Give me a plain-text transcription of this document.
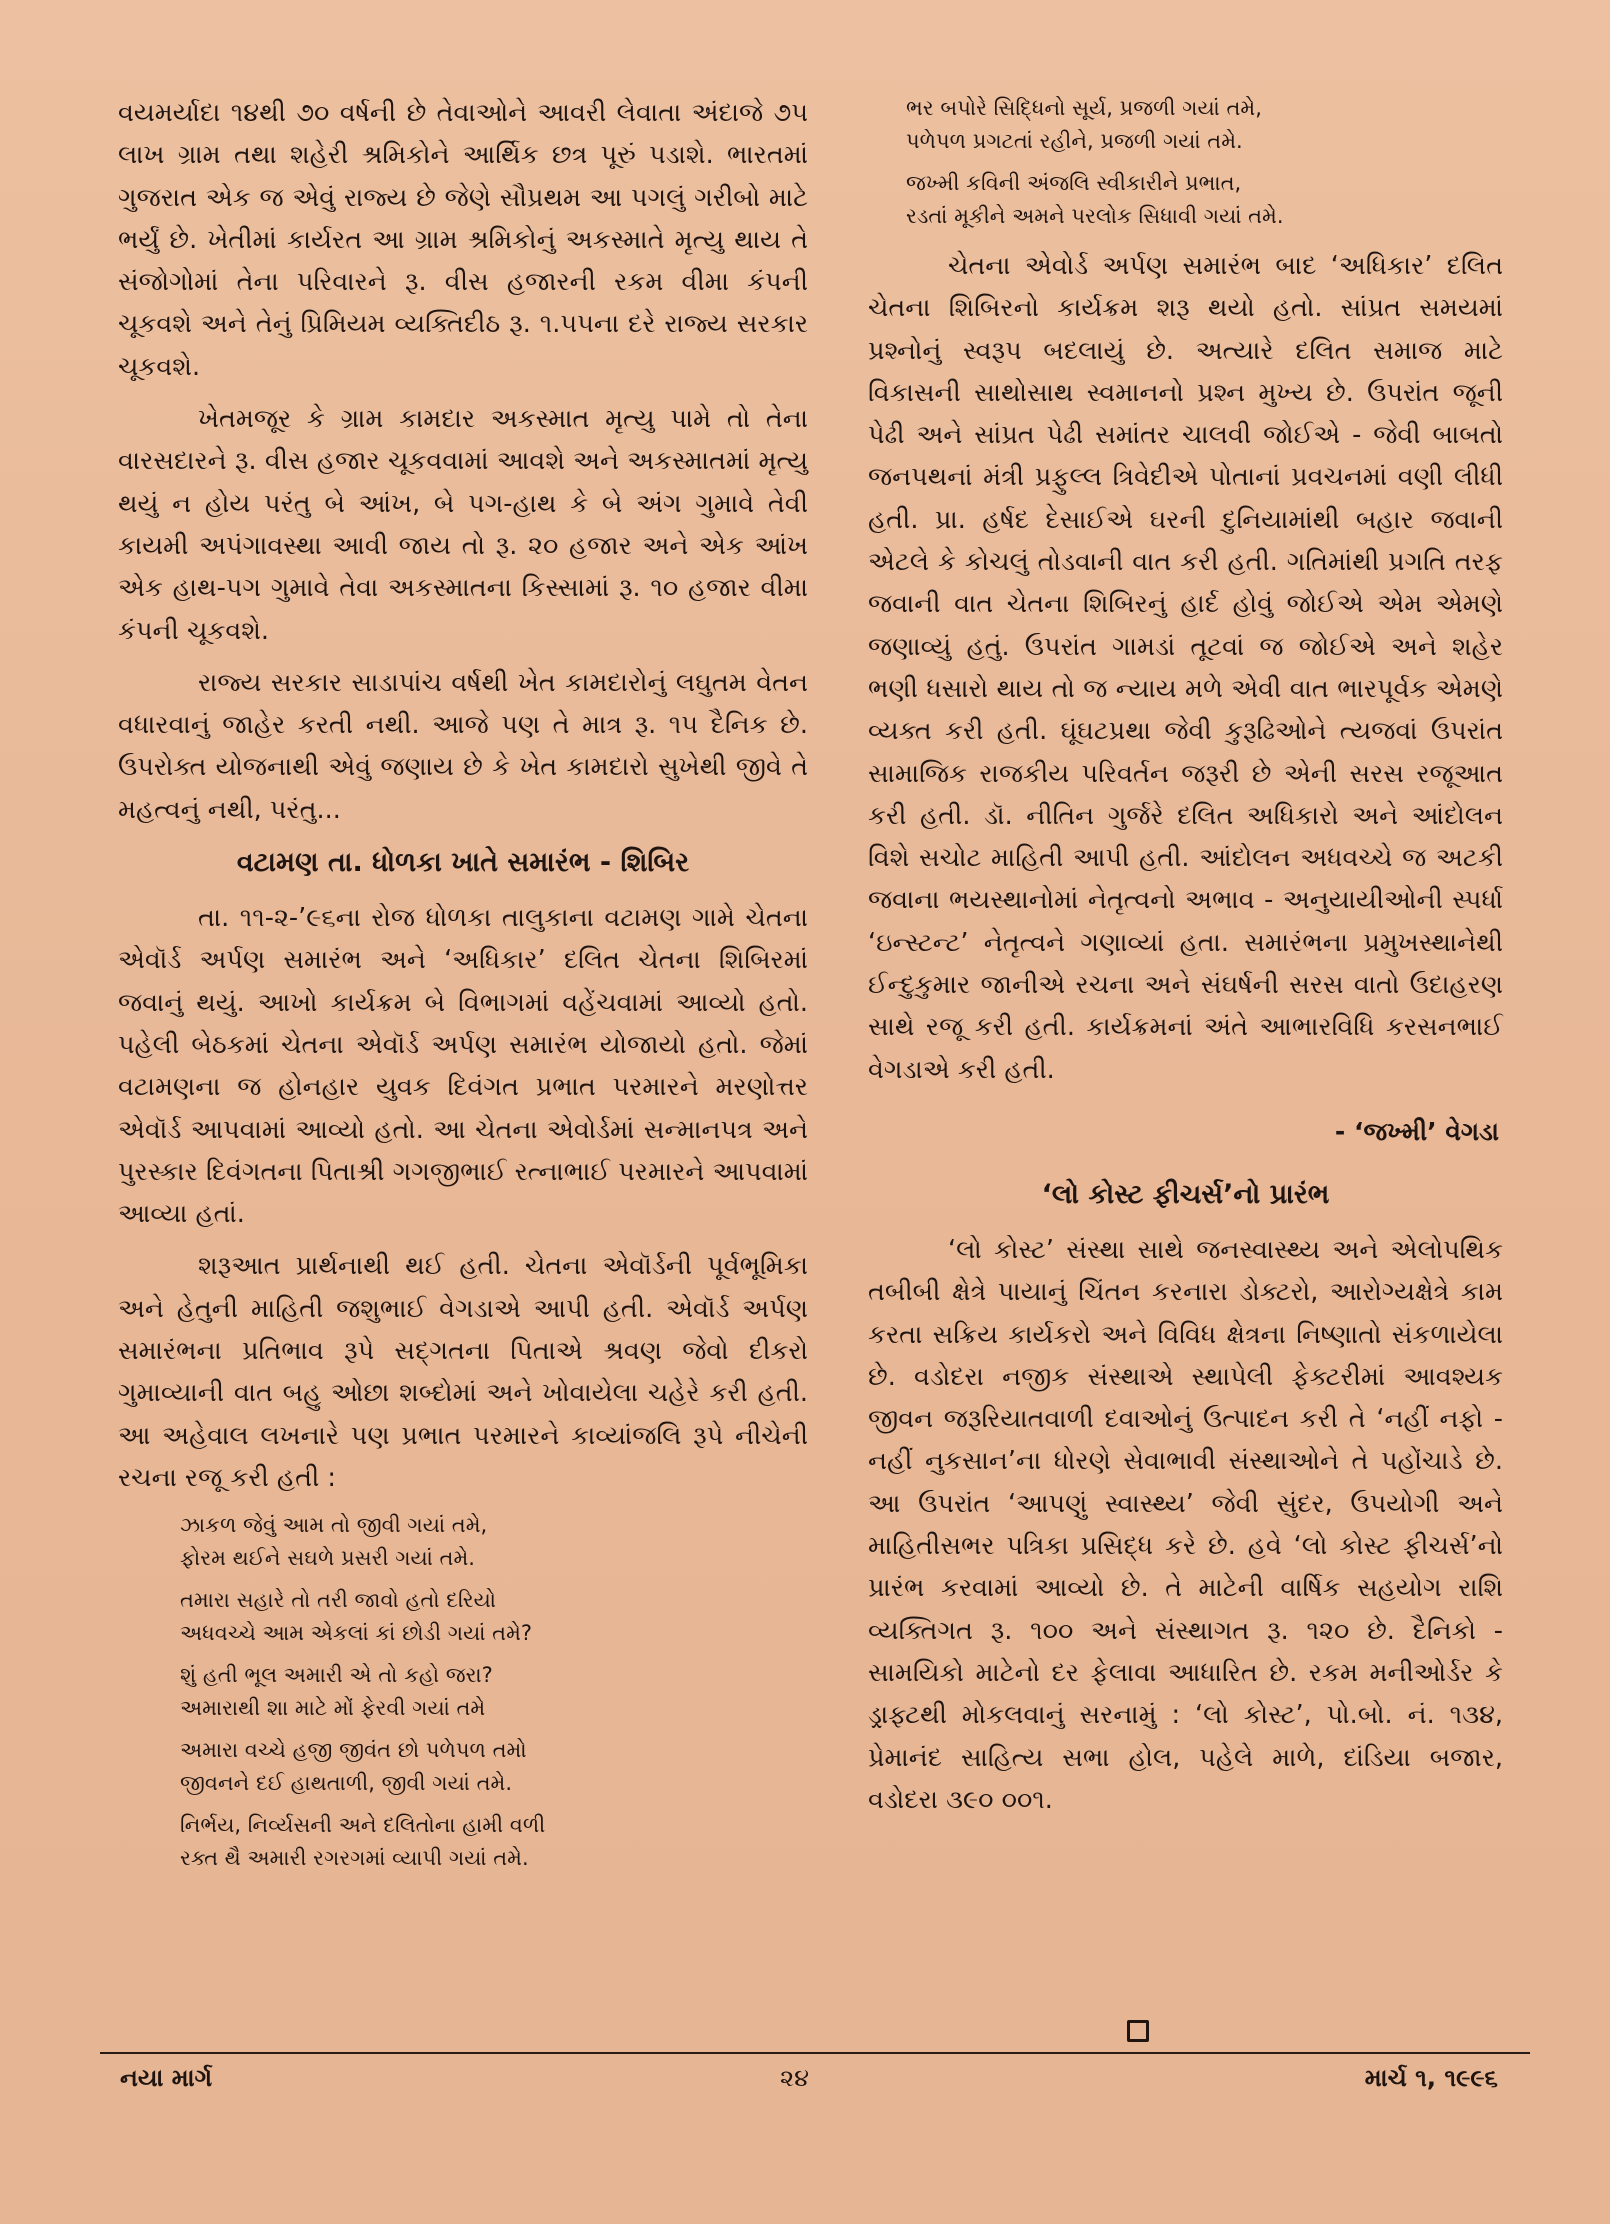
વયમર્યાદા ૧૪થી ૭૦ વર્ષની છે તેવાઓને આવરી લેવાતા અંદાજે ૭૫ લાખ ગ્રામ તથા શહેરી શ્રમિકોને આર્થિક છત્ર પૂરું પડાશે. ભારતમાં ગુજરાત એક જ એવું રાજ્ય છે જેણે સૌપ્રથમ આ પગલું ગરીબો માટે ભર્યું છે. ખેતીમાં કાર્યરત આ ગ્રામ શ્રમિકોનું અકસ્માતે મૃત્યુ થાય તે સંજોગોમાં તેના પરિવારને રૂ. વીસ હજારની રકમ વીમા કંપની ચૂકવશે અને તેનું પ્રિમિયમ વ્યક્તિદીઠ રૂ. ૧.૫૫ના દરે રાજ્ય સરકાર ચૂકવશે.

ખેતમજૂર કે ગ્રામ કામદાર અકસ્માત મૃત્યુ પામે તો તેના વારસદારને રૂ. વીસ હજાર ચૂકવવામાં આવશે અને અકસ્માતમાં મૃત્યુ થયું ન હોય પરંતુ બે આંખ, બે પગ-હાથ કે બે અંગ ગુમાવે તેવી કાયમી અપંગાવસ્થા આવી જાય તો રૂ. ૨૦ હજાર અને એક આંખ એક હાથ-પગ ગુમાવે તેવા અકસ્માતના કિસ્સામાં રૂ. ૧૦ હજાર વીમા કંપની ચૂકવશે.

રાજ્ય સરકાર સાડાપાંચ વર્ષથી ખેત કામદારોનું લઘુતમ વેતન વધારવાનું જાહેર કરતી નથી. આજે પણ તે માત્ર રૂ. ૧૫ દૈનિક છે. ઉપરોક્ત યોજનાથી એવું જણાય છે કે ખેત કામદારો સુખેથી જીવે તે મહત્વનું નથી, પરંતુ...

વટામણ તા. ધોળકા ખાતે સમારંભ - શિબિર

તા. ૧૧-૨-’૯૬ના રોજ ધોળકા તાલુકાના વટામણ ગામે ચેતના એવૉર્ડ અર્પણ સમારંભ અને ‘અધિકાર’ દલિત ચેતના શિબિરમાં જવાનું થયું. આખો કાર્યક્રમ બે વિભાગમાં વહેંચવામાં આવ્યો હતો. પહેલી બેઠકમાં ચેતના એવૉર્ડ અર્પણ સમારંભ યોજાયો હતો. જેમાં વટામણના જ હોનહાર યુવક દિવંગત પ્રભાત પરમારને મરણોત્તર એવૉર્ડ આપવામાં આવ્યો હતો. આ ચેતના એવોર્ડમાં સન્માનપત્ર અને પુરસ્કાર દિવંગતના પિતાશ્રી ગગજીભાઈ રત્નાભાઈ પરમારને આપવામાં આવ્યા હતાં.

શરૂઆત પ્રાર્થનાથી થઈ હતી. ચેતના એવૉર્ડની પૂર્વભૂમિકા અને હેતુની માહિતી જશુભાઈ વેગડાએ આપી હતી. એવૉર્ડ અર્પણ સમારંભના પ્રતિભાવ રૂપે સદ્ગતના પિતાએ શ્રવણ જેવો દીકરો ગુમાવ્યાની વાત બહુ ઓછા શબ્દોમાં અને ખોવાયેલા ચહેરે કરી હતી. આ અહેવાલ લખનારે પણ પ્રભાત પરમારને કાવ્યાંજલિ રૂપે નીચેની રચના રજૂ કરી હતી :

ઝાકળ જેવું આમ તો જીવી ગયાં તમે,
ફોરમ થઈને સઘળે પ્રસરી ગયાં તમે.
તમારા સહારે તો તરી જાવો હતો દરિયો
અધવચ્ચે આમ એકલાં કાં છોડી ગયાં તમે?
શું હતી ભૂલ અમારી એ તો કહો જરા?
અમારાથી શા માટે મોં ફેરવી ગયાં તમે
અમારા વચ્ચે હજી જીવંત છો પળેપળ તમો
જીવનને દઈ હાથતાળી, જીવી ગયાં તમે.
નિર્ભય, નિર્વ્યસની અને દલિતોના હામી વળી
રક્ત થૈ અમારી રગરગમાં વ્યાપી ગયાં તમે.
ભર બપોરે સિદ્ધિનો સૂર્ય, પ્રજળી ગયાં તમે,
પળેપળ પ્રગટતાં રહીને, પ્રજળી ગયાં તમે.
જખ્મી કવિની અંજલિ સ્વીકારીને પ્રભાત,
રડતાં મૂકીને અમને પરલોક સિધાવી ગયાં તમે.

ચેતના એવોર્ડ અર્પણ સમારંભ બાદ ‘અધિકાર’ દલિત ચેતના શિબિરનો કાર્યક્રમ શરૂ થયો હતો. સાંપ્રત સમયમાં પ્રશ્નોનું સ્વરૂપ બદલાયું છે. અત્યારે દલિત સમાજ માટે વિકાસની સાથોસાથ સ્વમાનનો પ્રશ્ન મુખ્ય છે. ઉપરાંત જૂની પેઢી અને સાંપ્રત પેઢી સમાંતર ચાલવી જોઈએ - જેવી બાબતો જનપથનાં મંત્રી પ્રફુલ્લ ત્રિવેદીએ પોતાનાં પ્રવચનમાં વણી લીધી હતી. પ્રા. હર્ષદ દેસાઈએ ઘરની દુનિયામાંથી બહાર જવાની એટલે કે કોચલું તોડવાની વાત કરી હતી. ગતિમાંથી પ્રગતિ તરફ જવાની વાત ચેતના શિબિરનું હાર્દ હોવું જોઈએ એમ એમણે જણાવ્યું હતું. ઉપરાંત ગામડાં તૂટવાં જ જોઈએ અને શહેર ભણી ધસારો થાય તો જ ન્યાય મળે એવી વાત ભારપૂર્વક એમણે વ્યક્ત કરી હતી. ઘૂંઘટપ્રથા જેવી કુરૂઢિઓને ત્યજવાં ઉપરાંત સામાજિક રાજકીય પરિવર્તન જરૂરી છે એની સરસ રજૂઆત કરી હતી. ડૉ. નીતિન ગુર્જરે દલિત અધિકારો અને આંદોલન વિશે સચોટ માહિતી આપી હતી. આંદોલન અધવચ્ચે જ અટકી જવાના ભયસ્થાનોમાં નેતૃત્વનો અભાવ - અનુયાયીઓની સ્પર્ધા ‘ઇન્સ્ટન્ટ’ નેતૃત્વને ગણાવ્યાં હતા. સમારંભના પ્રમુખસ્થાનેથી ઈન્દુકુમાર જાનીએ રચના અને સંઘર્ષની સરસ વાતો ઉદાહરણ સાથે રજૂ કરી હતી. કાર્યક્રમનાં અંતે આભારવિધિ કરસનભાઈ વેગડાએ કરી હતી.

- ‘જખ્મી’ વેગડા
‘લો કોસ્ટ ફીચર્સ’નો પ્રારંભ

‘લો કોસ્ટ’ સંસ્થા સાથે જનસ્વાસ્થ્ય અને એલોપથિક તબીબી ક્ષેત્રે પાયાનું ચિંતન કરનારા ડોક્ટરો, આરોગ્યક્ષેત્રે કામ કરતા સક્રિય કાર્યકરો અને વિવિધ ક્ષેત્રના નિષ્ણાતો સંકળાયેલા છે. વડોદરા નજીક સંસ્થાએ સ્થાપેલી ફેક્ટરીમાં આવશ્યક જીવન જરૂરિયાતવાળી દવાઓનું ઉત્પાદન કરી તે ‘નહીં નફો - નહીં નુકસાન’ના ધોરણે સેવાભાવી સંસ્થાઓને તે પહોંચાડે છે. આ ઉપરાંત ‘આપણું સ્વાસ્થ્ય’ જેવી સુંદર, ઉપયોગી અને માહિતીસભર પત્રિકા પ્રસિદ્ધ કરે છે. હવે ‘લો કોસ્ટ ફીચર્સ’નો પ્રારંભ કરવામાં આવ્યો છે. તે માટેની વાર્ષિક સહયોગ રાશિ વ્યક્તિગત રૂ. ૧૦૦ અને સંસ્થાગત રૂ. ૧૨૦ છે. દૈનિકો - સામયિકો માટેનો દર ફેલાવા આધારિત છે. રકમ મનીઓર્ડર કે ડ્રાફ્ટથી મોકલવાનું સરનામું : ‘લો કોસ્ટ’, પો.બો. નં. ૧૩૪, પ્રેમાનંદ સાહિત્ય સભા હોલ, પહેલે માળે, દાંડિયા બજાર, વડોદરા ૩૯૦ ૦૦૧.

નયા માર્ગ	૨૪	માર્ચ ૧, ૧૯૯૬
